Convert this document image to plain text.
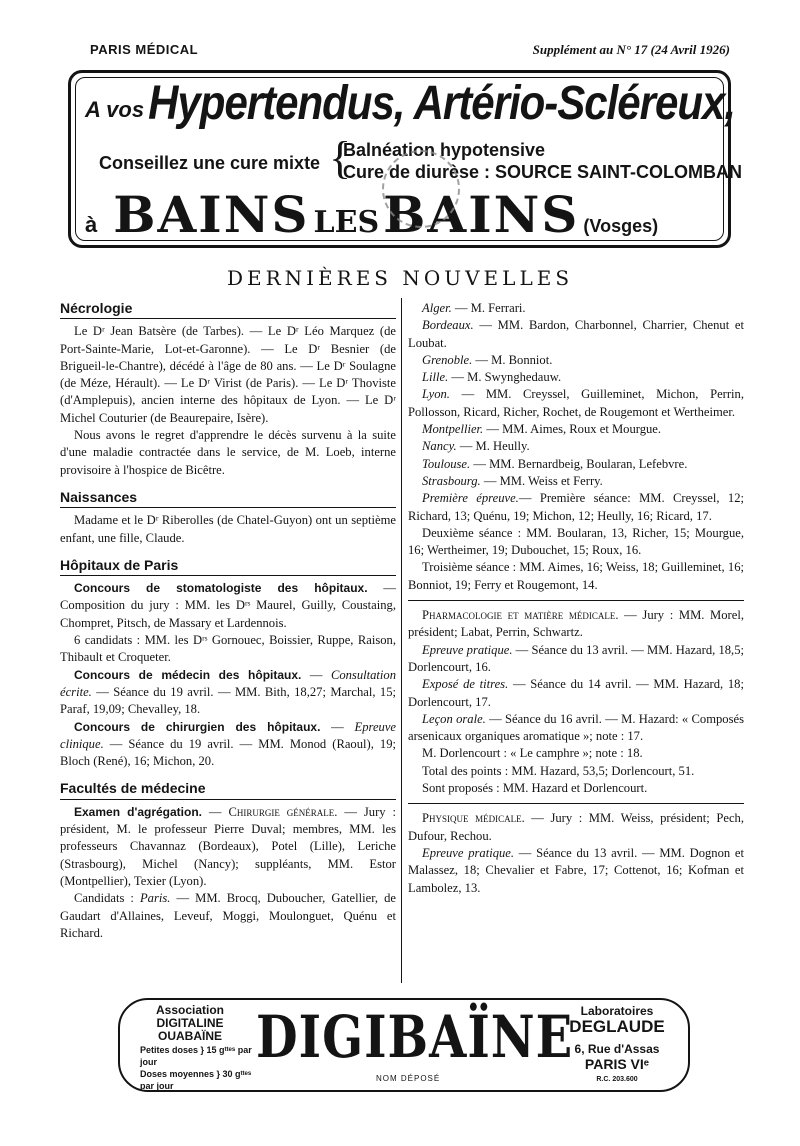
PARIS MÉDICAL	Supplément au N° 17 (24 Avril 1926)
A vos Hypertendus, Artério-Scléreux,
Conseillez une cure mixte {
Balnéation hypotensive
Cure de diurèse : SOURCE SAINT-COLOMBAN
à BAINS LES BAINS (Vosges)
DERNIÈRES NOUVELLES
Nécrologie

Le Dʳ Jean Batsère (de Tarbes). — Le Dʳ Léo Marquez (de Port-Sainte-Marie, Lot-et-Garonne). — Le Dʳ Besnier (de Brigueil-le-Chantre), décédé à l'âge de 80 ans. — Le Dʳ Soulagne (de Méze, Hérault). — Le Dʳ Virist (de Paris). — Le Dʳ Thoviste (d'Amplepuis), ancien interne des hôpitaux de Lyon. — Le Dʳ Michel Couturier (de Beaurepaire, Isère).

Nous avons le regret d'apprendre le décès survenu à la suite d'une maladie contractée dans le service, de M. Loeb, interne provisoire à l'hospice de Bicêtre.

Naissances

Madame et le Dʳ Riberolles (de Chatel-Guyon) ont un septième enfant, une fille, Claude.

Hôpitaux de Paris

Concours de stomatologiste des hôpitaux. — Composition du jury : MM. les Dʳˢ Maurel, Guilly, Coustaing, Chompret, Pitsch, de Massary et Lardennois.

6 candidats : MM. les Dʳˢ Gornouec, Boissier, Ruppe, Raison, Thibault et Croqueter.

Concours de médecin des hôpitaux. — Consultation écrite. — Séance du 19 avril. — MM. Bith, 18,27; Marchal, 15; Paraf, 19,09; Chevalley, 18.

Concours de chirurgien des hôpitaux. — Epreuve clinique. — Séance du 19 avril. — MM. Monod (Raoul), 19; Bloch (René), 16; Michon, 20.

Facultés de médecine

Examen d'agrégation. — Chirurgie générale. — Jury : président, M. le professeur Pierre Duval; membres, MM. les professeurs Chavannaz (Bordeaux), Potel (Lille), Leriche (Strasbourg), Michel (Nancy); suppléants, MM. Estor (Montpellier), Texier (Lyon).

Candidats : Paris. — MM. Brocq, Duboucher, Gatellier, de Gaudart d'Allaines, Leveuf, Moggi, Moulonguet, Quénu et Richard.

Alger. — M. Ferrari.

Bordeaux. — MM. Bardon, Charbonnel, Charrier, Chenut et Loubat.

Grenoble. — M. Bonniot.

Lille. — M. Swynghedauw.

Lyon. — MM. Creyssel, Guilleminet, Michon, Perrin, Pollosson, Ricard, Richer, Rochet, de Rougemont et Wertheimer.

Montpellier. — MM. Aimes, Roux et Mourgue.

Nancy. — M. Heully.

Toulouse. — MM. Bernardbeig, Boularan, Lefebvre.

Strasbourg. — MM. Weiss et Ferry.

Première épreuve.— Première séance: MM. Creyssel, 12; Richard, 13; Quénu, 19; Michon, 12; Heully, 16; Ricard, 17.

Deuxième séance : MM. Boularan, 13, Richer, 15; Mourgue, 16; Wertheimer, 19; Dubouchet, 15; Roux, 16.

Troisième séance : MM. Aimes, 16; Weiss, 18; Guilleminet, 16; Bonniot, 19; Ferry et Rougemont, 14.

Pharmacologie et matière médicale. — Jury : MM. Morel, président; Labat, Perrin, Schwartz.

Epreuve pratique. — Séance du 13 avril. — MM. Hazard, 18,5; Dorlencourt, 16.

Exposé de titres. — Séance du 14 avril. — MM. Hazard, 18; Dorlencourt, 17.

Leçon orale. — Séance du 16 avril. — M. Hazard: « Composés arsenicaux organiques aromatique »; note : 17.

M. Dorlencourt : « Le camphre »; note : 18.

Total des points : MM. Hazard, 53,5; Dorlencourt, 51.

Sont proposés : MM. Hazard et Dorlencourt.

Physique médicale. — Jury : MM. Weiss, président; Pech, Dufour, Rechou.

Epreuve pratique. — Séance du 13 avril. — MM. Dognon et Malassez, 18; Chevalier et Fabre, 17; Cottenot, 16; Kofman et Lambolez, 13.

Association
DIGITALINE
OUABAÏNE
Petites doses } 15 gᵗᵗᵉˢ par jour
Doses moyennes } 30 gᵗᵗᵉˢ par jour
DIGIBAÏNE
NOM DÉPOSÉ
Laboratoires
DEGLAUDE
6, Rue d'Assas
PARIS VIᵉ
R.C. 203.600
